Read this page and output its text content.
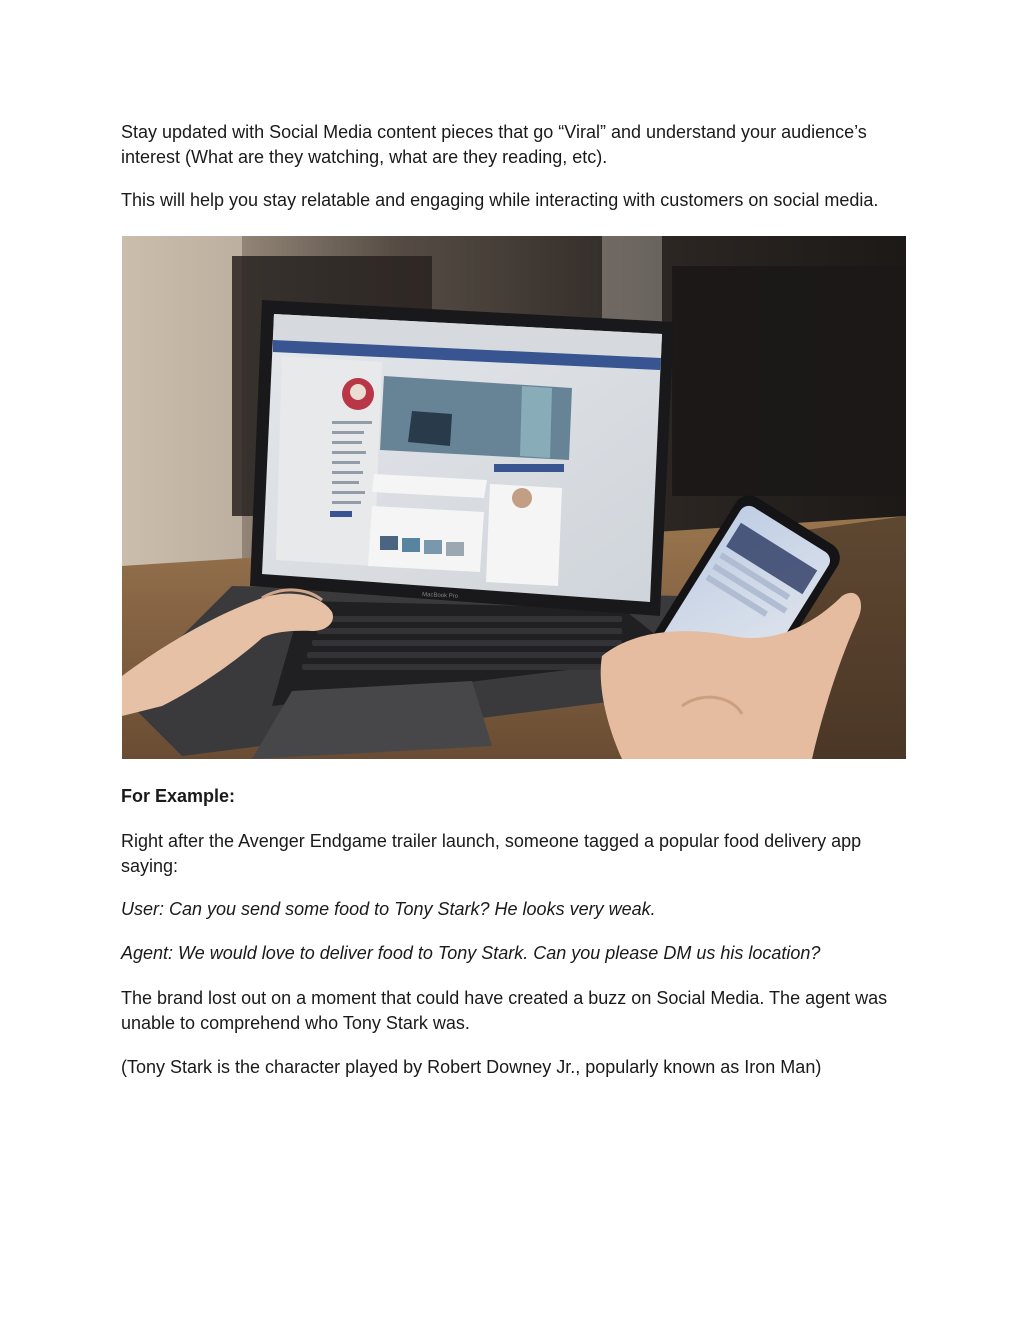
Stay updated with Social Media content pieces that go “Viral” and understand your audience’s interest (What are they watching, what are they reading, etc).

This will help you stay relatable and engaging while interacting with customers on social media.

MacBook Pro

For Example:

Right after the Avenger Endgame trailer launch, someone tagged a popular food delivery app saying:

User: Can you send some food to Tony Stark? He looks very weak.

Agent: We would love to deliver food to Tony Stark. Can you please DM us his location?

The brand lost out on a moment that could have created a buzz on Social Media. The agent was unable to comprehend who Tony Stark was.

(Tony Stark is the character played by Robert Downey Jr., popularly known as Iron Man)
